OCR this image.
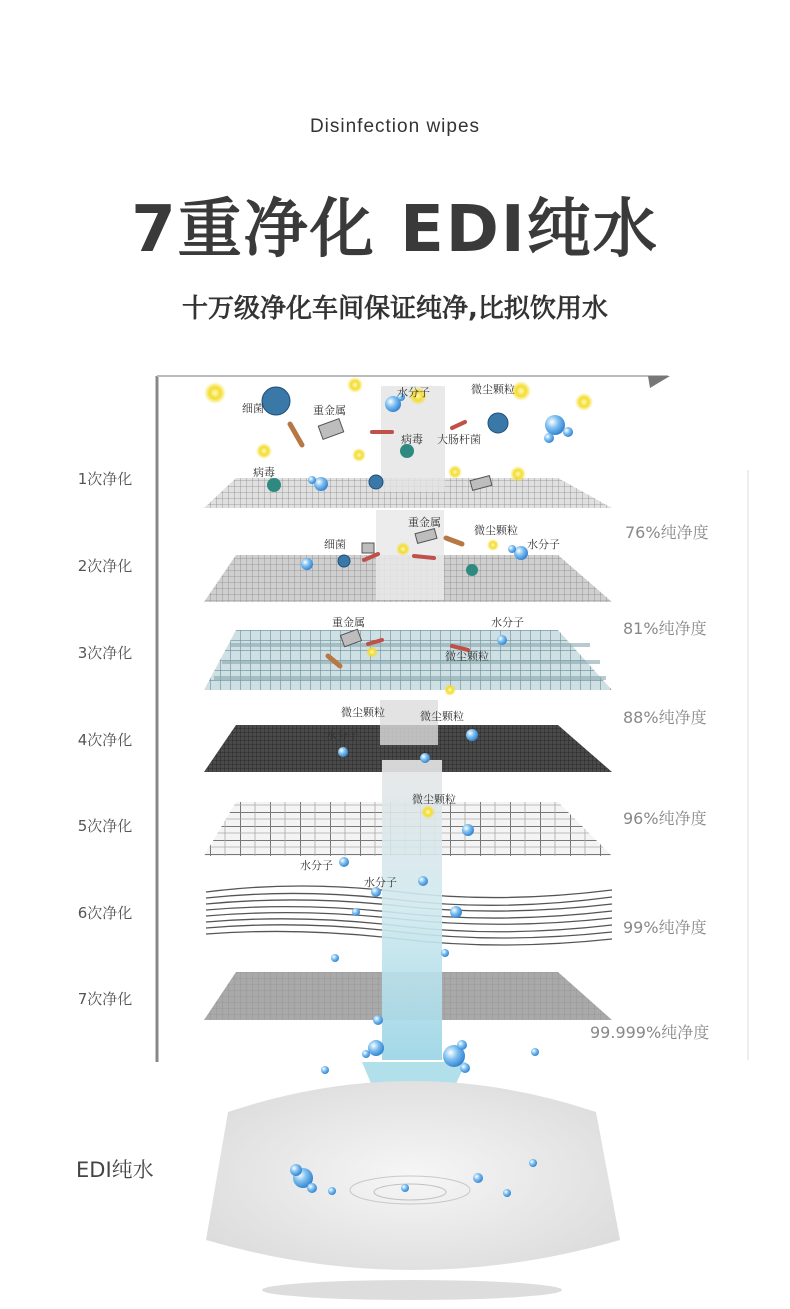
Disinfection wipes
7重净化 EDI纯水
十万级净化车间保证纯净,比拟饮用水
细菌	重金属
水分子	微尘颗粒
病毒 大肠杆菌
病毒
重金属
微尘颗粒
细菌	水分子
重金属	水分子
微尘颗粒
微尘颗粒	微尘颗粒
水分子
微尘颗粒
水分子
水分子
1次净化
2次净化
3次净化
4次净化
5次净化
6次净化
7次净化
76%纯净度
81%纯净度
88%纯净度
96%纯净度
99%纯净度
99.999%纯净度
EDI纯水
